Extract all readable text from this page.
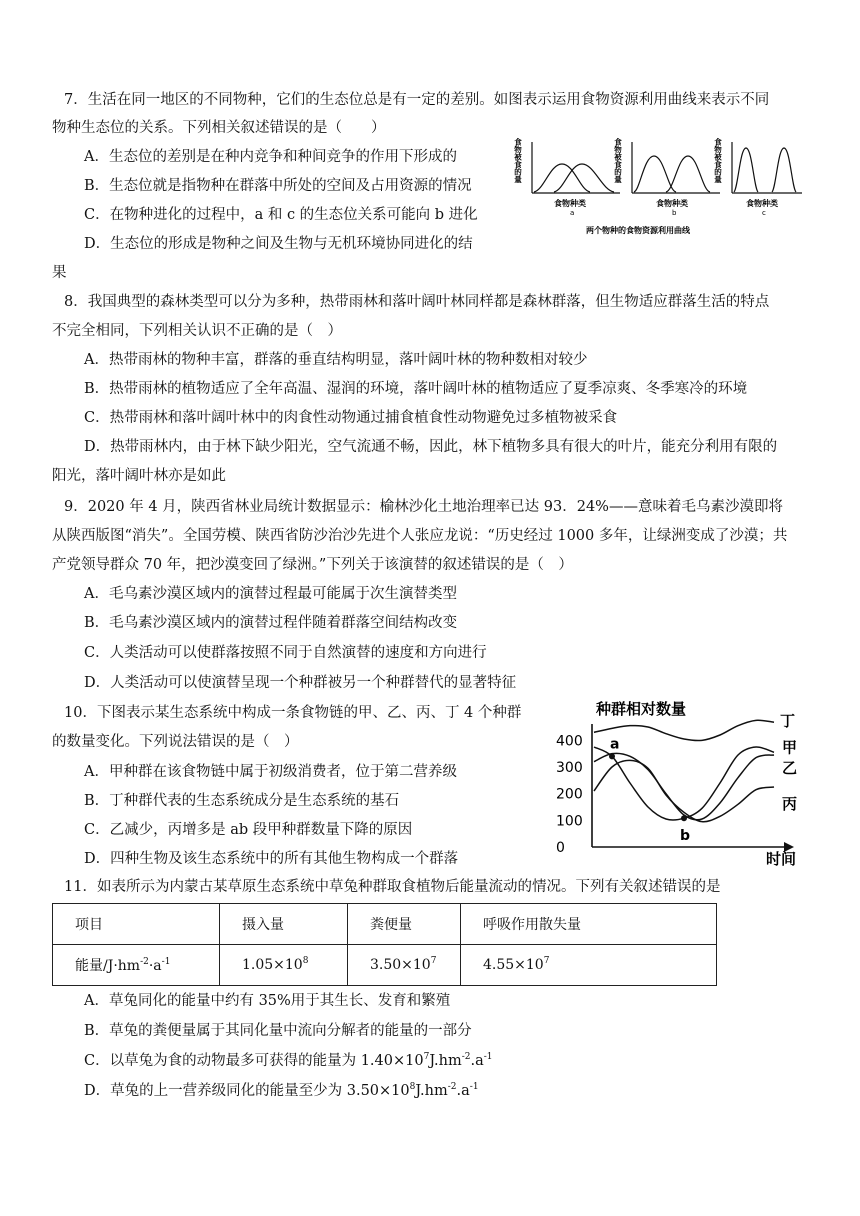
7．生活在同一地区的不同物种，它们的生态位总是有一定的差别。如图表示运用食物资源利用曲线来表示不同
物种生态位的关系。下列相关叙述错误的是（　　）
A．生态位的差别是在种内竞争和种间竞争的作用下形成的
B．生态位就是指物种在群落中所处的空间及占用资源的情况
C．在物种进化的过程中，a 和 c 的生态位关系可能向 b 进化
D．生态位的形成是物种之间及生物与无机环境协同进化的结
果
食物被食的量
食物种类
a
食物被食的量
食物种类
b
食物被食的量
食物种类
c
两个物种的食物资源利用曲线
8．我国典型的森林类型可以分为多种，热带雨林和落叶阔叶林同样都是森林群落，但生物适应群落生活的特点
不完全相同，下列相关认识不正确的是（　）
A．热带雨林的物种丰富，群落的垂直结构明显，落叶阔叶林的物种数相对较少
B．热带雨林的植物适应了全年高温、湿润的环境，落叶阔叶林的植物适应了夏季凉爽、冬季寒冷的环境
C．热带雨林和落叶阔叶林中的肉食性动物通过捕食植食性动物避免过多植物被采食
D．热带雨林内，由于林下缺少阳光，空气流通不畅，因此，林下植物多具有很大的叶片，能充分利用有限的
阳光，落叶阔叶林亦是如此
9．2020 年 4 月，陕西省林业局统计数据显示：榆林沙化土地治理率已达 93．24%——意味着毛乌素沙漠即将
从陕西版图“消失”。全国劳模、陕西省防沙治沙先进个人张应龙说：“历史经过 1000 多年，让绿洲变成了沙漠；共
产党领导群众 70 年，把沙漠变回了绿洲。”下列关于该演替的叙述错误的是（　）
A．毛乌素沙漠区域内的演替过程最可能属于次生演替类型
B．毛乌素沙漠区域内的演替过程伴随着群落空间结构改变
C．人类活动可以使群落按照不同于自然演替的速度和方向进行
D．人类活动可以使演替呈现一个种群被另一个种群替代的显著特征
10．下图表示某生态系统中构成一条食物链的甲、乙、丙、丁 4 个种群
的数量变化。下列说法错误的是（　）
A．甲种群在该食物链中属于初级消费者，位于第二营养级
B．丁种群代表的生态系统成分是生态系统的基石
C．乙减少，丙增多是 ab 段甲种群数量下降的原因
D．四种生物及该生态系统中的所有其他生物构成一个群落
种群相对数量
0
100
200
300
400
丁
甲
乙
丙
a
b
时间
11．如表所示为内蒙古某草原生态系统中草兔种群取食植物后能量流动的情况。下列有关叙述错误的是
项目	摄入量	粪便量	呼吸作用散失量
能量$/J\cdot hm^{-2}\cdot a^{-1}$	$1.05\times 10^8$	$3.50\times 10^7$	$4.55\times 10^7$
A．草兔同化的能量中约有 35%用于其生长、发育和繁殖
B．草兔的粪便量属于其同化量中流向分解者的能量的一部分
C．以草兔为食的动物最多可获得的能量为 $1.40\times 10^7J.hm^{-2}.a^{-1}$
D．草兔的上一营养级同化的能量至少为 $3.50\times 10^8J.hm^{-2}.a^{-1}$
